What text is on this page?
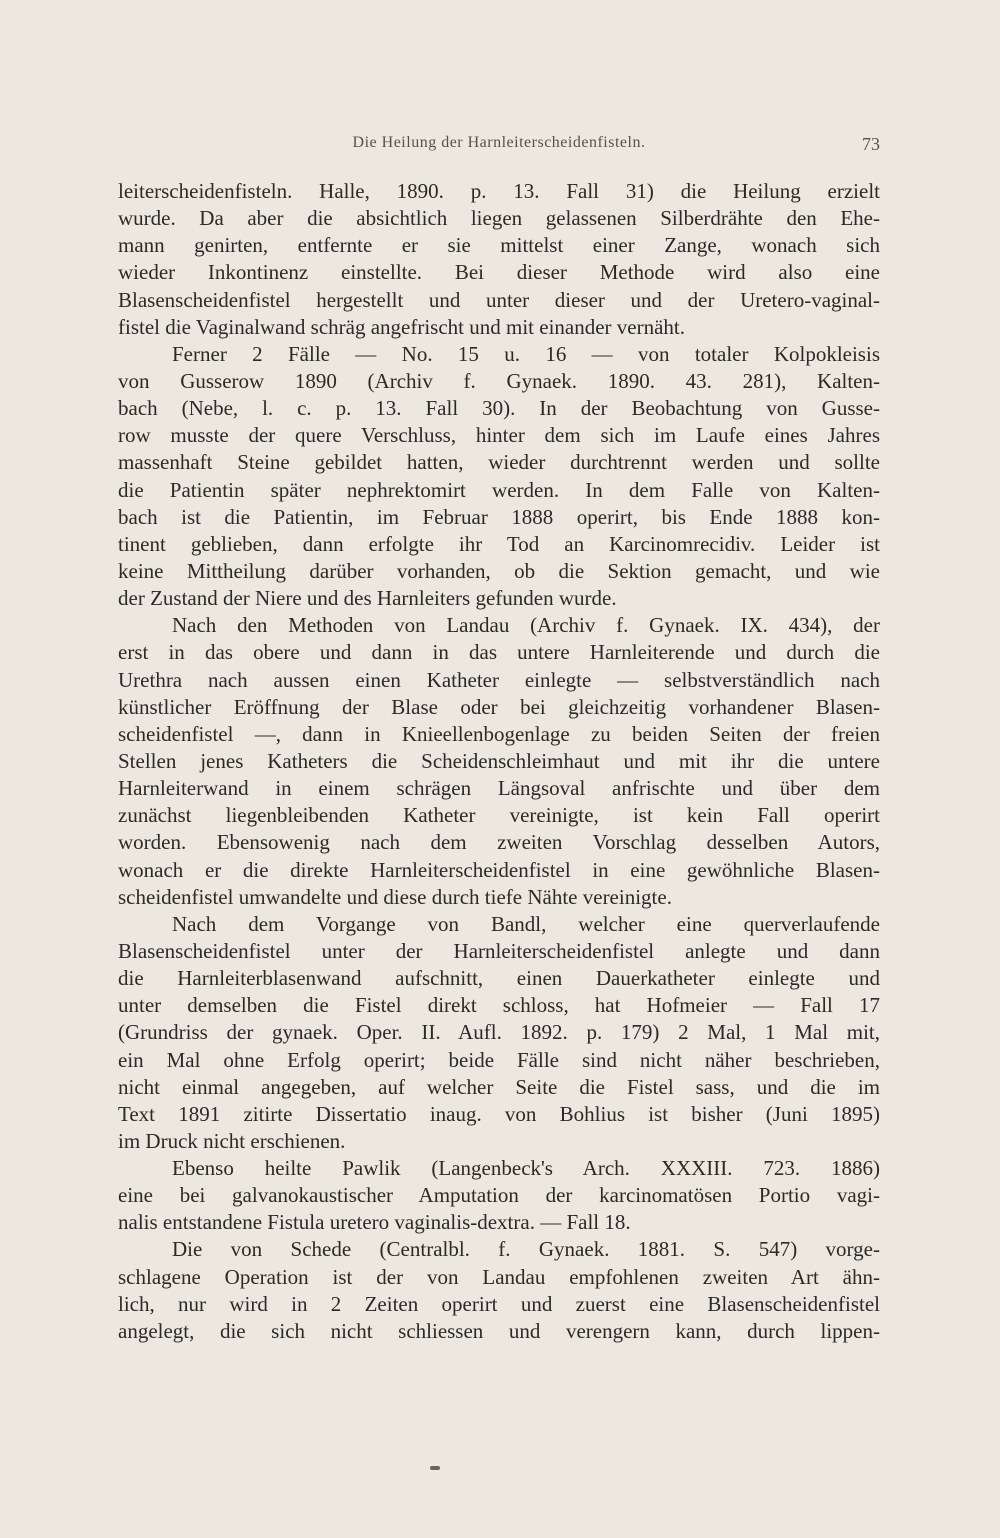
Die Heilung der Harnleiterscheidenfisteln.	73
leiterscheidenfisteln. Halle, 1890. p. 13. Fall 31) die Heilung erzielt
wurde. Da aber die absichtlich liegen gelassenen Silberdrähte den Ehe-
mann genirten, entfernte er sie mittelst einer Zange, wonach sich
wieder Inkontinenz einstellte. Bei dieser Methode wird also eine
Blasenscheidenfistel hergestellt und unter dieser und der Uretero-vaginal-
fistel die Vaginalwand schräg angefrischt und mit einander vernäht.
Ferner 2 Fälle — No. 15 u. 16 — von totaler Kolpokleisis
von Gusserow 1890 (Archiv f. Gynaek. 1890. 43. 281), Kalten-
bach (Nebe, l. c. p. 13. Fall 30). In der Beobachtung von Gusse-
row musste der quere Verschluss, hinter dem sich im Laufe eines Jahres
massenhaft Steine gebildet hatten, wieder durchtrennt werden und sollte
die Patientin später nephrektomirt werden. In dem Falle von Kalten-
bach ist die Patientin, im Februar 1888 operirt, bis Ende 1888 kon-
tinent geblieben, dann erfolgte ihr Tod an Karcinomrecidiv. Leider ist
keine Mittheilung darüber vorhanden, ob die Sektion gemacht, und wie
der Zustand der Niere und des Harnleiters gefunden wurde.
Nach den Methoden von Landau (Archiv f. Gynaek. IX. 434), der
erst in das obere und dann in das untere Harnleiterende und durch die
Urethra nach aussen einen Katheter einlegte — selbstverständlich nach
künstlicher Eröffnung der Blase oder bei gleichzeitig vorhandener Blasen-
scheidenfistel —, dann in Knieellenbogenlage zu beiden Seiten der freien
Stellen jenes Katheters die Scheidenschleimhaut und mit ihr die untere
Harnleiterwand in einem schrägen Längsoval anfrischte und über dem
zunächst liegenbleibenden Katheter vereinigte, ist kein Fall operirt
worden. Ebensowenig nach dem zweiten Vorschlag desselben Autors,
wonach er die direkte Harnleiterscheidenfistel in eine gewöhnliche Blasen-
scheidenfistel umwandelte und diese durch tiefe Nähte vereinigte.
Nach dem Vorgange von Bandl, welcher eine querverlaufende
Blasenscheidenfistel unter der Harnleiterscheidenfistel anlegte und dann
die Harnleiterblasenwand aufschnitt, einen Dauerkatheter einlegte und
unter demselben die Fistel direkt schloss, hat Hofmeier — Fall 17
(Grundriss der gynaek. Oper. II. Aufl. 1892. p. 179) 2 Mal, 1 Mal mit,
ein Mal ohne Erfolg operirt; beide Fälle sind nicht näher beschrieben,
nicht einmal angegeben, auf welcher Seite die Fistel sass, und die im
Text 1891 zitirte Dissertatio inaug. von Bohlius ist bisher (Juni 1895)
im Druck nicht erschienen.
Ebenso heilte Pawlik (Langenbeck's Arch. XXXIII. 723. 1886)
eine bei galvanokaustischer Amputation der karcinomatösen Portio vagi-
nalis entstandene Fistula uretero vaginalis-dextra. — Fall 18.
Die von Schede (Centralbl. f. Gynaek. 1881. S. 547) vorge-
schlagene Operation ist der von Landau empfohlenen zweiten Art ähn-
lich, nur wird in 2 Zeiten operirt und zuerst eine Blasenscheidenfistel
angelegt, die sich nicht schliessen und verengern kann, durch lippen-
